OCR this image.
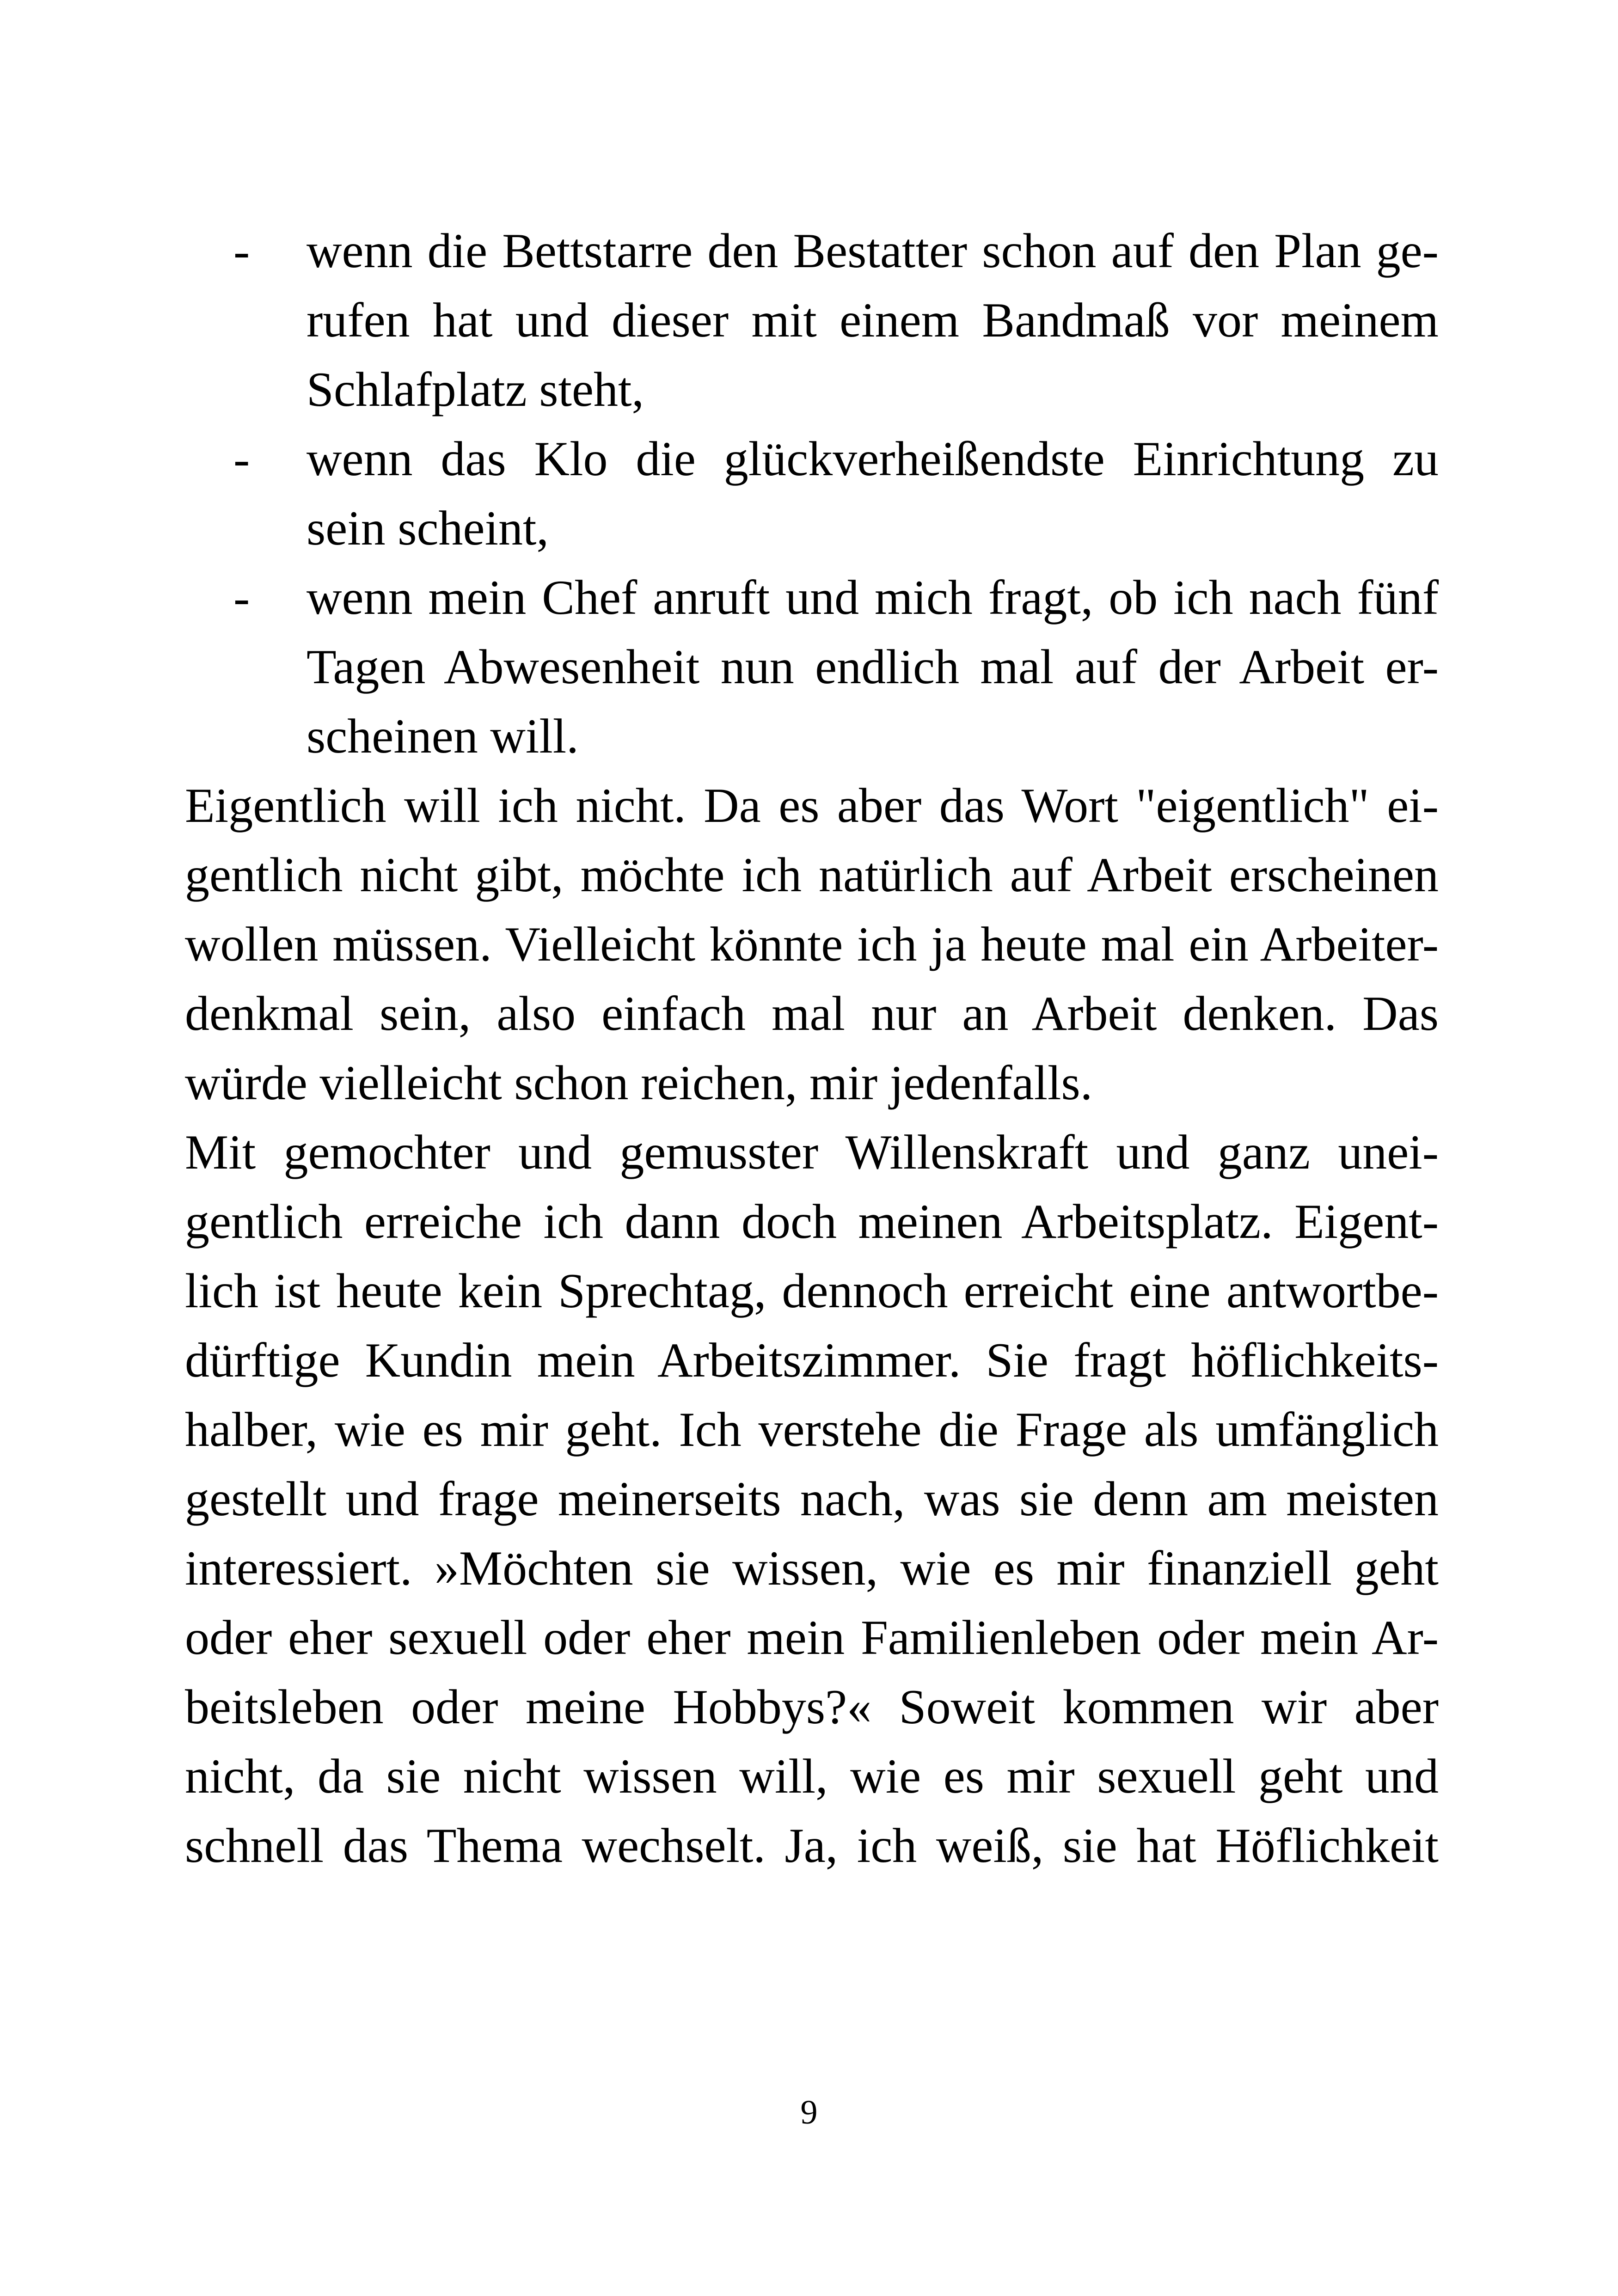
- wenn die Bettstarre den Bestatter schon auf den Plan ge-
rufen hat und dieser mit einem Bandmaß vor meinem
Schlafplatz steht,
- wenn das Klo die glückverheißendste Einrichtung zu
sein scheint,
- wenn mein Chef anruft und mich fragt, ob ich nach fünf
Tagen Abwesenheit nun endlich mal auf der Arbeit er-
scheinen will.
Eigentlich will ich nicht. Da es aber das Wort "eigentlich" ei-
gentlich nicht gibt, möchte ich natürlich auf Arbeit erscheinen
wollen müssen. Vielleicht könnte ich ja heute mal ein Arbeiter-
denkmal sein, also einfach mal nur an Arbeit denken. Das
würde vielleicht schon reichen, mir jedenfalls.
Mit gemochter und gemusster Willenskraft und ganz unei-
gentlich erreiche ich dann doch meinen Arbeitsplatz. Eigent-
lich ist heute kein Sprechtag, dennoch erreicht eine antwortbe-
dürftige Kundin mein Arbeitszimmer. Sie fragt höflichkeits-
halber, wie es mir geht. Ich verstehe die Frage als umfänglich
gestellt und frage meinerseits nach, was sie denn am meisten
interessiert. »Möchten sie wissen, wie es mir finanziell geht
oder eher sexuell oder eher mein Familienleben oder mein Ar-
beitsleben oder meine Hobbys?« Soweit kommen wir aber
nicht, da sie nicht wissen will, wie es mir sexuell geht und
schnell das Thema wechselt. Ja, ich weiß, sie hat Höflichkeit
9
